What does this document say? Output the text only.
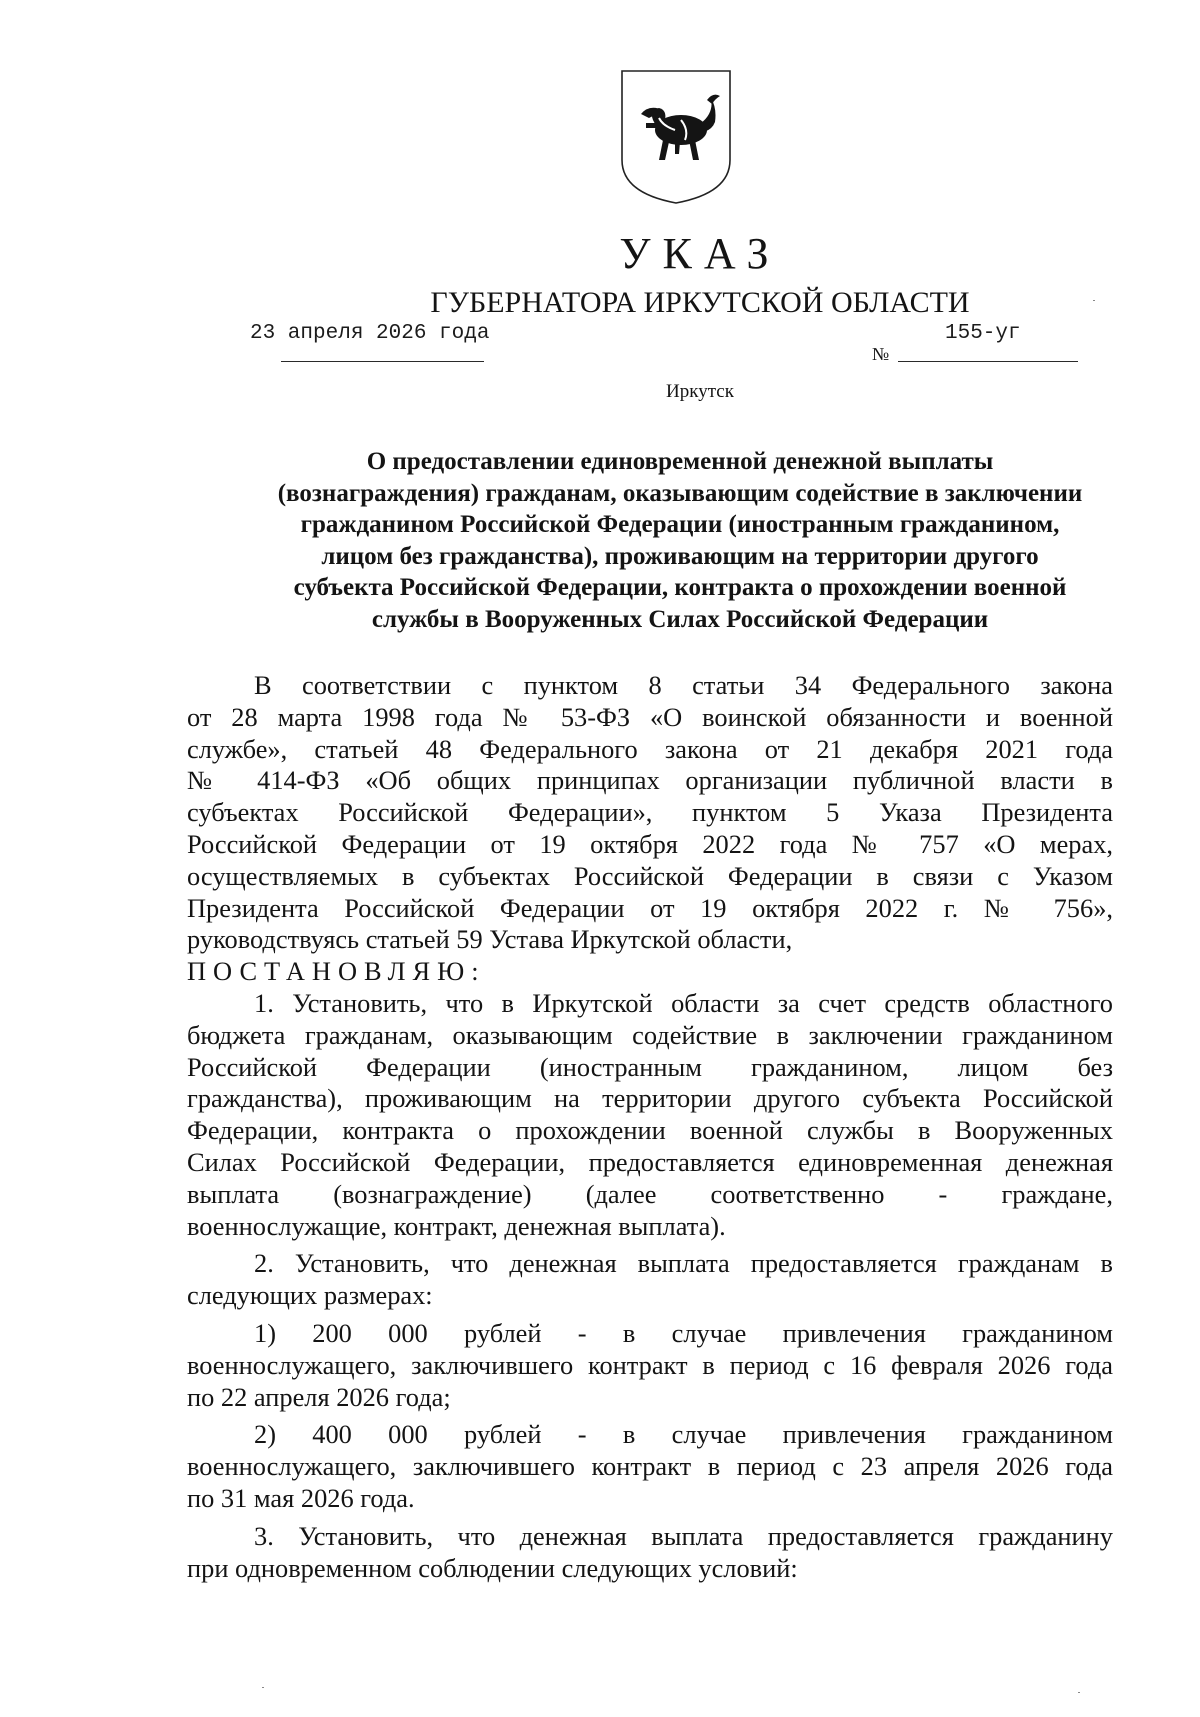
УКАЗ
ГУБЕРНАТОРА ИРКУТСКОЙ ОБЛАСТИ
23 апреля 2026 года
№
155-уг
Иркутск
О предоставлении единовременной денежной выплаты
(вознаграждения) гражданам, оказывающим содействие в заключении
гражданином Российской Федерации (иностранным гражданином,
лицом без гражданства), проживающим на территории другого
субъекта Российской Федерации, контракта о прохождении военной
службы в Вооруженных Силах Российской Федерации
В соответствии с пунктом 8 статьи 34 Федерального закона
от 28 марта 1998 года № 53-ФЗ «О воинской обязанности и военной
службе», статьей 48 Федерального закона от 21 декабря 2021 года
№ 414-ФЗ «Об общих принципах организации публичной власти в
субъектах Российской Федерации», пунктом 5 Указа Президента
Российской Федерации от 19 октября 2022 года № 757 «О мерах,
осуществляемых в субъектах Российской Федерации в связи с Указом
Президента Российской Федерации от 19 октября 2022 г. № 756»,
руководствуясь статьей 59 Устава Иркутской области,
ПОСТАНОВЛЯЮ:
1. Установить, что в Иркутской области за счет средств областного
бюджета гражданам, оказывающим содействие в заключении гражданином
Российской Федерации (иностранным гражданином, лицом без
гражданства), проживающим на территории другого субъекта Российской
Федерации, контракта о прохождении военной службы в Вооруженных
Силах Российской Федерации, предоставляется единовременная денежная
выплата (вознаграждение) (далее соответственно - граждане,
военнослужащие, контракт, денежная выплата).
2. Установить, что денежная выплата предоставляется гражданам в
следующих размерах:
1) 200 000 рублей - в случае привлечения гражданином
военнослужащего, заключившего контракт в период с 16 февраля 2026 года
по 22 апреля 2026 года;
2) 400 000 рублей - в случае привлечения гражданином
военнослужащего, заключившего контракт в период с 23 апреля 2026 года
по 31 мая 2026 года.
3. Установить, что денежная выплата предоставляется гражданину
при одновременном соблюдении следующих условий:
